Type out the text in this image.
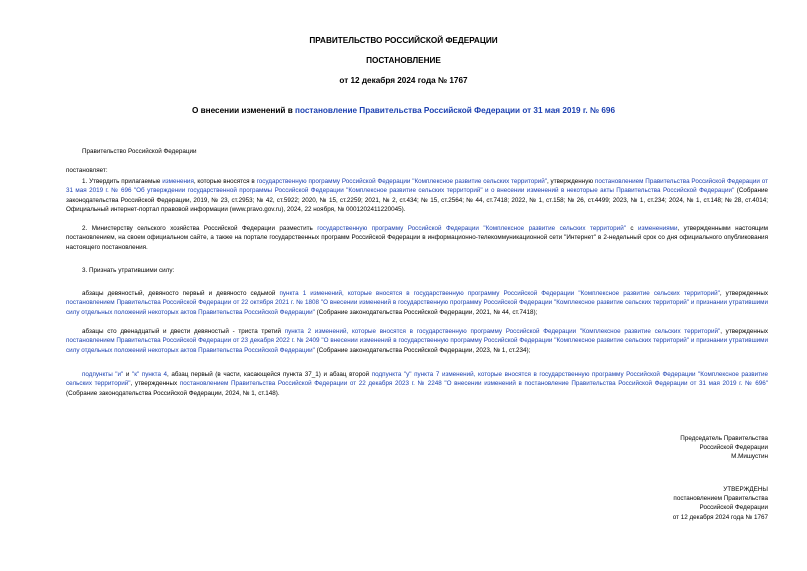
ПРАВИТЕЛЬСТВО РОССИЙСКОЙ ФЕДЕРАЦИИ
ПОСТАНОВЛЕНИЕ
от 12 декабря 2024 года № 1767
О внесении изменений в постановление Правительства Российской Федерации от 31 мая 2019 г. № 696
Правительство Российской Федерации
постановляет:
1. Утвердить прилагаемые изменения, которые вносятся в государственную программу Российской Федерации "Комплексное развитие сельских территорий", утвержденную постановлением Правительства Российской Федерации от 31 мая 2019 г. № 696 "Об утверждении государственной программы Российской Федерации "Комплексное развитие сельских территорий" и о внесении изменений в некоторые акты Правительства Российской Федерации" (Собрание законодательства Российской Федерации, 2019, № 23, ст.2953; № 42, ст.5922; 2020, № 15, ст.2259; 2021, № 2, ст.434; № 15, ст.2564; № 44, ст.7418; 2022, № 1, ст.158; № 26, ст.4499; 2023, № 1, ст.234; 2024, № 1, ст.148; № 28, ст.4014; Официальный интернет-портал правовой информации (www.pravo.gov.ru), 2024, 22 ноября, № 0001202411220045).
2. Министерству сельского хозяйства Российской Федерации разместить государственную программу Российской Федерации "Комплексное развитие сельских территорий" с изменениями, утвержденными настоящим постановлением, на своем официальном сайте, а также на портале государственных программ Российской Федерации в информационно-телекоммуникационной сети "Интернет" в 2-недельный срок со дня официального опубликования настоящего постановления.
3. Признать утратившими силу:
абзацы девяностый, девяносто первый и девяносто седьмой пункта 1 изменений, которые вносятся в государственную программу Российской Федерации "Комплексное развитие сельских территорий", утвержденных постановлением Правительства Российской Федерации от 22 октября 2021 г. № 1808 "О внесении изменений в государственную программу Российской Федерации "Комплексное развитие сельских территорий" и признании утратившими силу отдельных положений некоторых актов Правительства Российской Федерации" (Собрание законодательства Российской Федерации, 2021, № 44, ст.7418);
абзацы сто двенадцатый и двести девяностый - триста третий пункта 2 изменений, которые вносятся в государственную программу Российской Федерации "Комплексное развитие сельских территорий", утвержденных постановлением Правительства Российской Федерации от 23 декабря 2022 г. № 2409 "О внесении изменений в государственную программу Российской Федерации "Комплексное развитие сельских территорий" и признании утратившими силу отдельных положений некоторых актов Правительства Российской Федерации" (Собрание законодательства Российской Федерации, 2023, № 1, ст.234);
подпункты "и" и "к" пункта 4, абзац первый (в части, касающейся пункта 37_1) и абзац второй подпункта "у" пункта 7 изменений, которые вносятся в государственную программу Российской Федерации "Комплексное развитие сельских территорий", утвержденных постановлением Правительства Российской Федерации от 22 декабря 2023 г. № 2248 "О внесении изменений в постановление Правительства Российской Федерации от 31 мая 2019 г. № 696" (Собрание законодательства Российской Федерации, 2024, № 1, ст.148).
Председатель Правительства
Российской Федерации
М.Мишустин
УТВЕРЖДЕНЫ
постановлением Правительства
Российской Федерации
от 12 декабря 2024 года № 1767
